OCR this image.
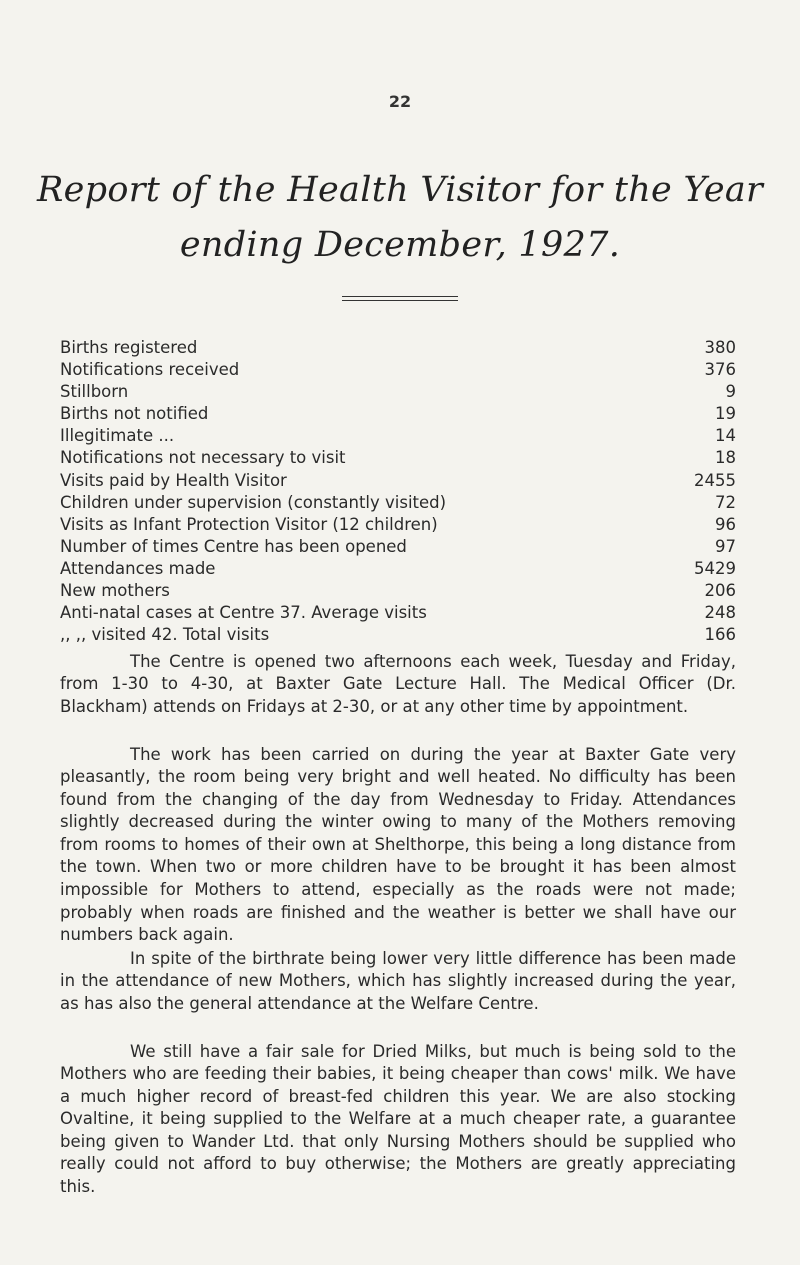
22
Report of the Health Visitor for the Year
ending December, 1927.
Births registered	380
Notifications received	376
Stillborn	9
Births not notified	19
Illegitimate ...	14
Notifications not necessary to visit	18
Visits paid by Health Visitor	2455
Children under supervision (constantly visited)	72
Visits as Infant Protection Visitor (12 children)	96
Number of times Centre has been opened	97
Attendances made	5429
New mothers	206
Anti-natal cases at Centre 37. Average visits	248
,, ,, visited 42. Total visits	166

The Centre is opened two afternoons each week, Tuesday and Friday, from 1-30 to 4-30, at Baxter Gate Lecture Hall. The Medical Officer (Dr. Blackham) attends on Fridays at 2-30, or at any other time by appointment.

The work has been carried on during the year at Baxter Gate very pleasantly, the room being very bright and well heated. No difficulty has been found from the changing of the day from Wednesday to Friday. Attendances slightly decreased during the winter owing to many of the Mothers removing from rooms to homes of their own at Shelthorpe, this being a long distance from the town. When two or more children have to be brought it has been almost impossible for Mothers to attend, especially as the roads were not made; probably when roads are finished and the weather is better we shall have our numbers back again.

In spite of the birthrate being lower very little difference has been made in the attendance of new Mothers, which has slightly increased during the year, as has also the general attendance at the Welfare Centre.

We still have a fair sale for Dried Milks, but much is being sold to the Mothers who are feeding their babies, it being cheaper than cows' milk. We have a much higher record of breast-fed children this year. We are also stocking Ovaltine, it being supplied to the Welfare at a much cheaper rate, a guarantee being given to Wander Ltd. that only Nursing Mothers should be supplied who really could not afford to buy otherwise; the Mothers are greatly appreciating this.
